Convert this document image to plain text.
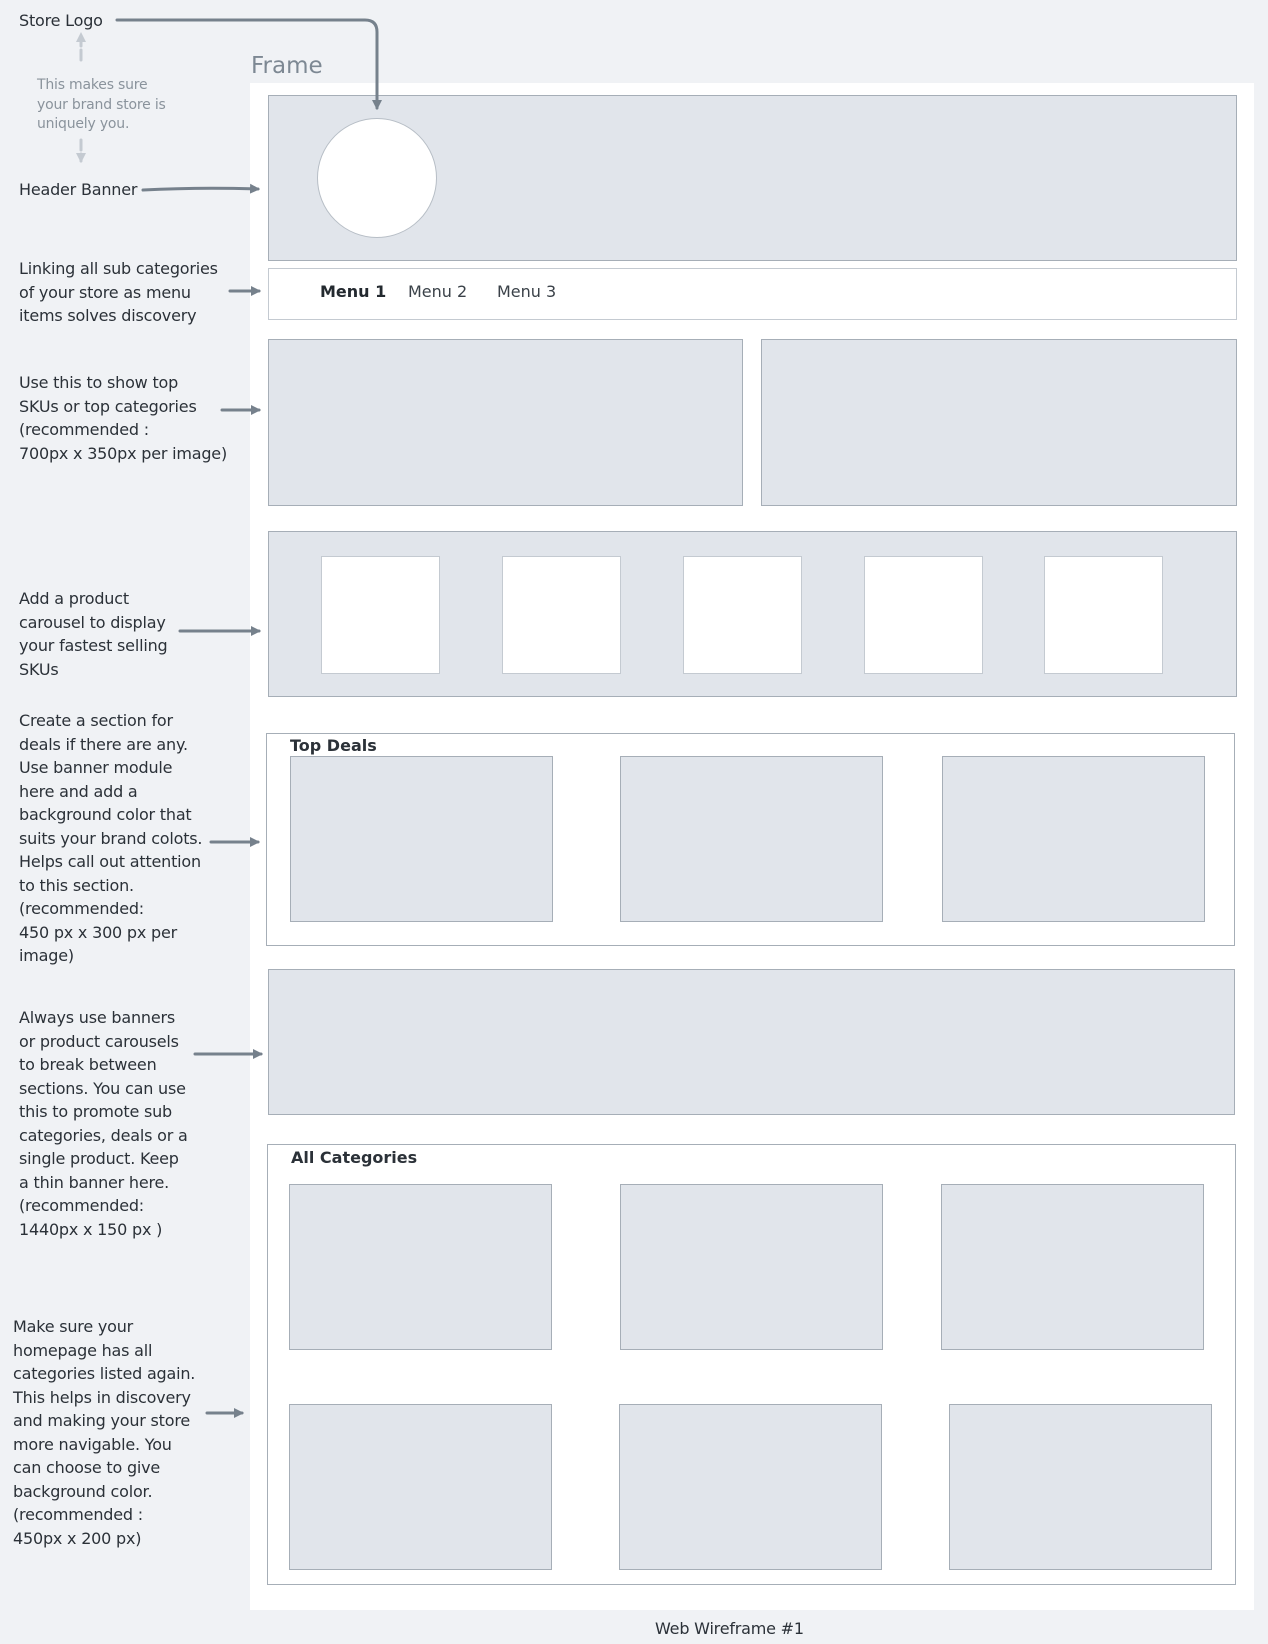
Store Logo
This makes sure
your brand store is
uniquely you.
Header Banner
Linking all sub categories
of your store as menu
items solves discovery
Use this to show top
SKUs or top categories
(recommended :
700px x 350px per image)
Add a product
carousel to display
your fastest selling
SKUs
Create a section for
deals if there are any.
Use banner module
here and add a
background color that
suits your brand colots.
Helps call out attention
to this section.
(recommended:
450 px x 300 px per
image)
Always use banners
or product carousels
to break between
sections. You can use
this to promote sub
categories, deals or a
single product. Keep
a thin banner here.
(recommended:
1440px x 150 px )
Make sure your
homepage has all
categories listed again.
This helps in discovery
and making your store
more navigable. You
can choose to give
background color.
(recommended :
450px x 200 px)
Frame
Menu 1 Menu 2 Menu 3
Top Deals
All Categories
Web Wireframe #1
